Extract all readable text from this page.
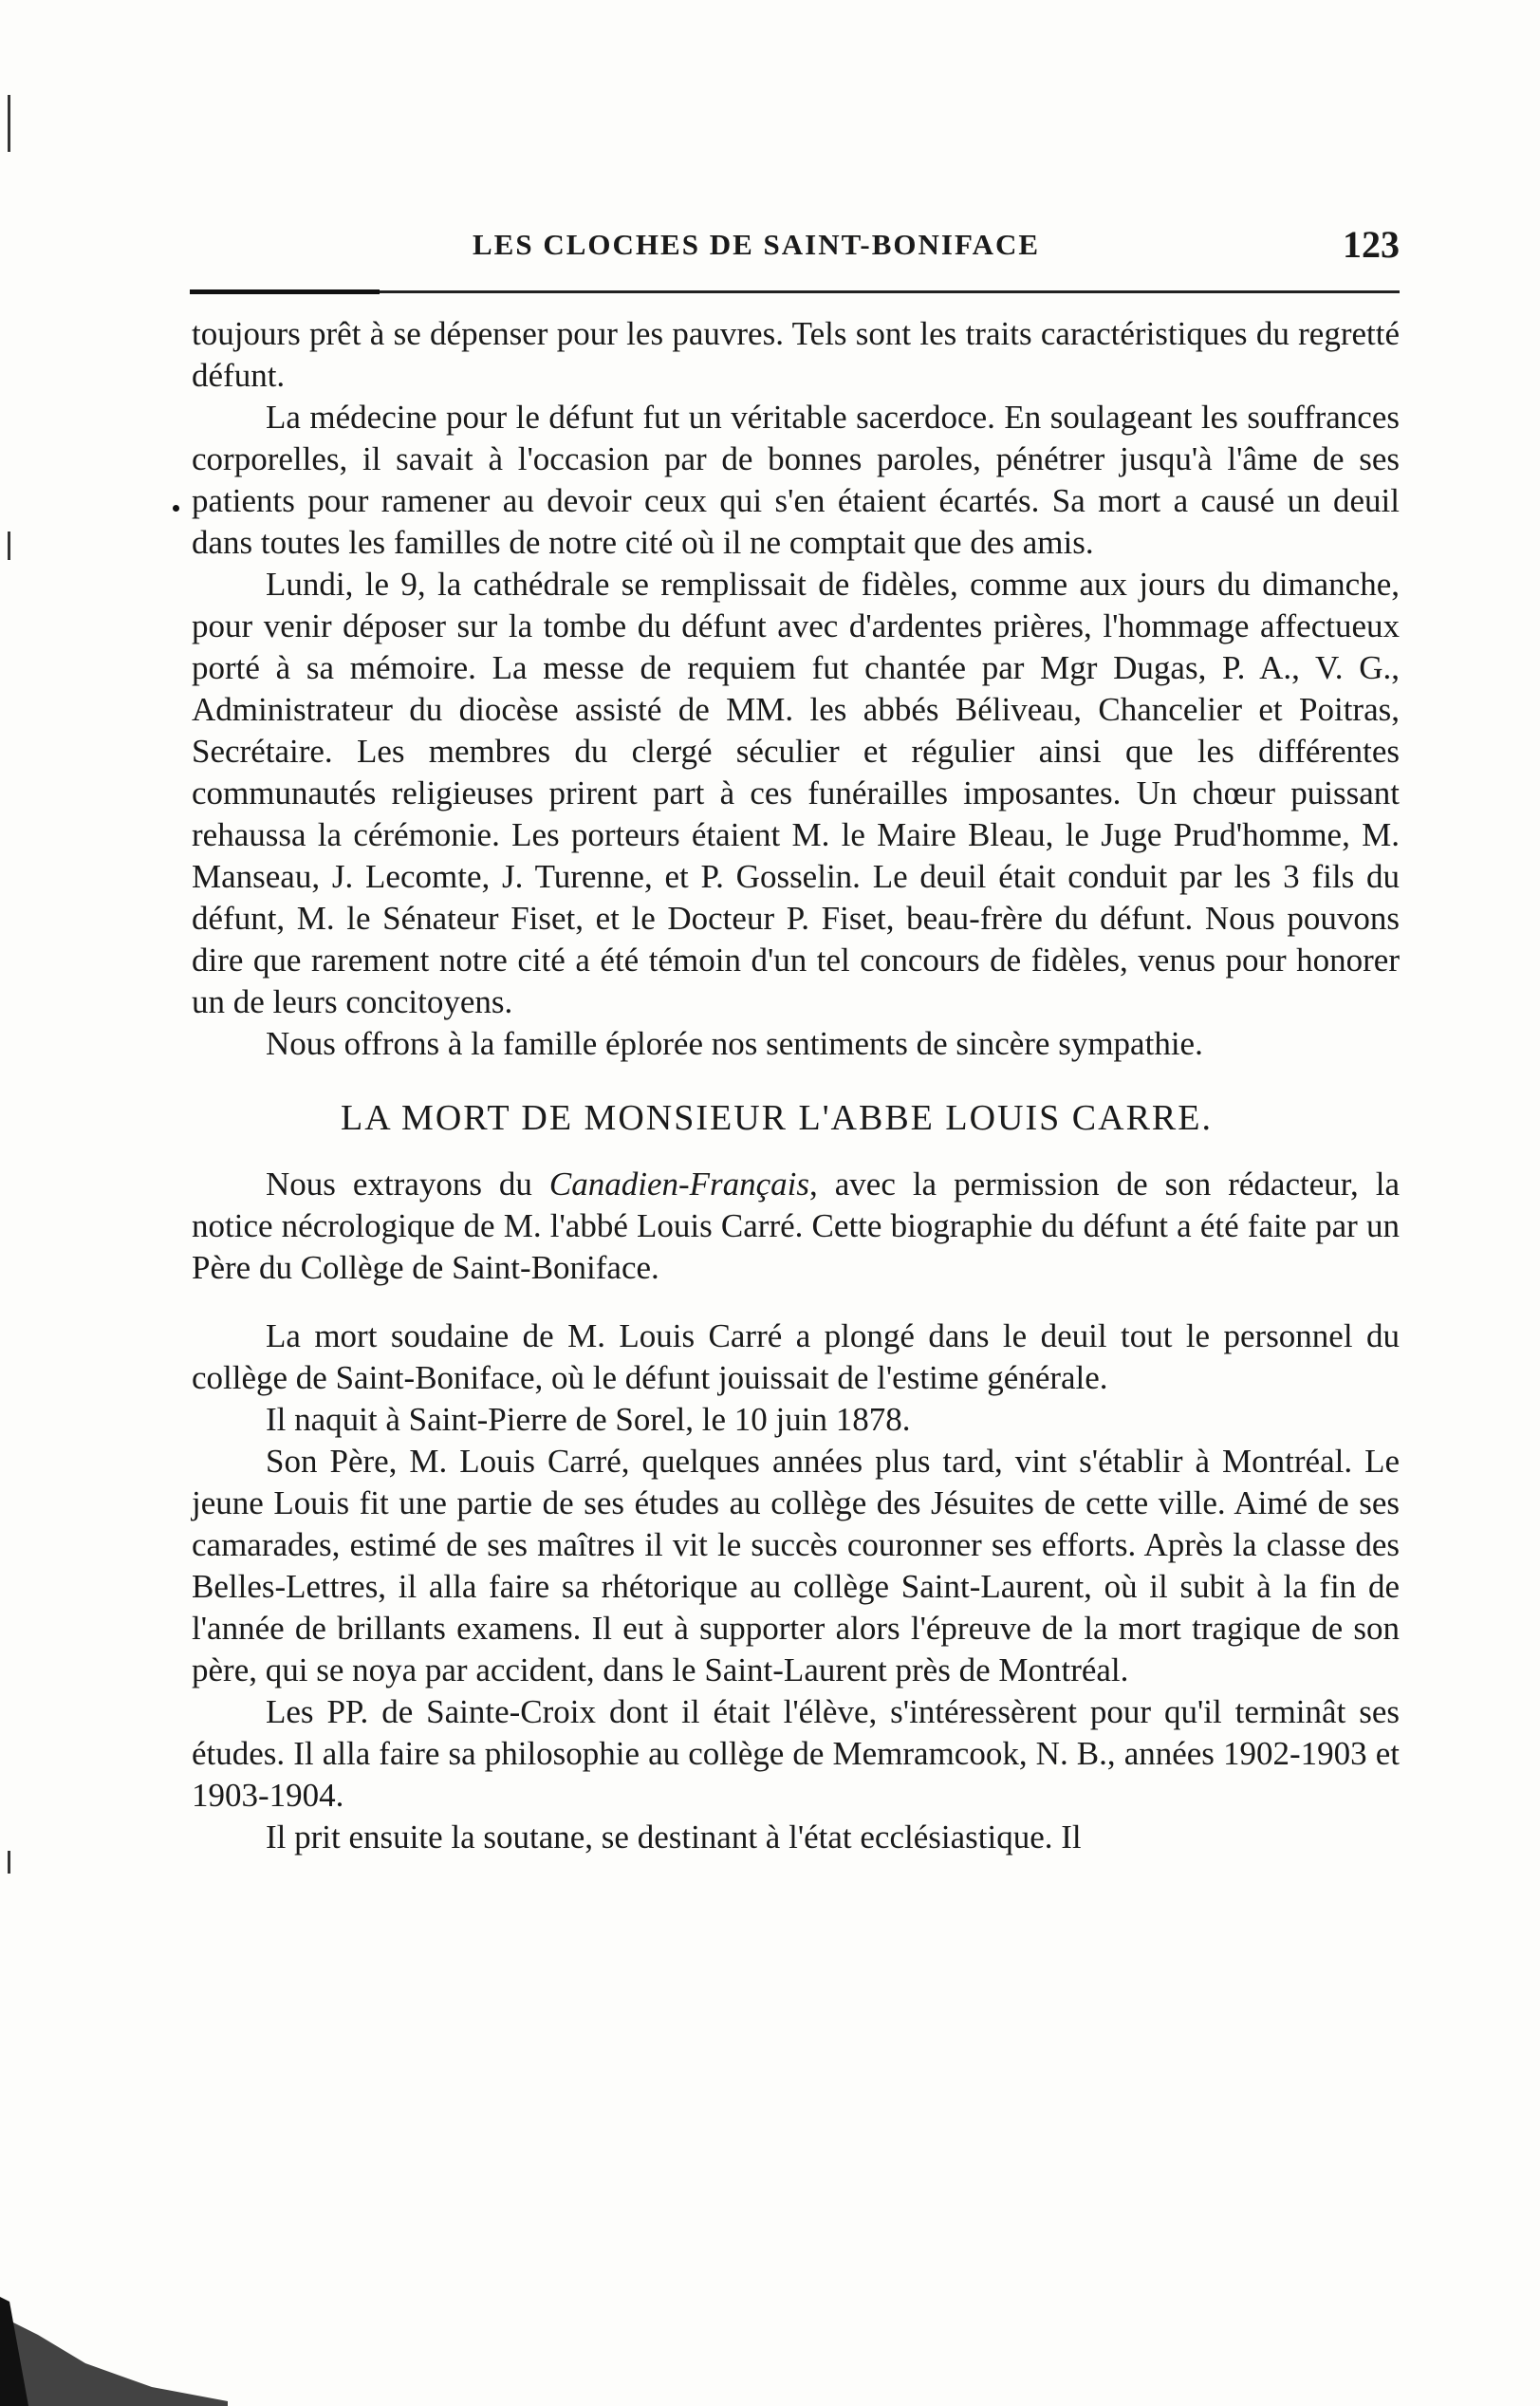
LES CLOCHES DE SAINT-BONIFACE	123

toujours prêt à se dépenser pour les pauvres. Tels sont les traits caractéristiques du regretté défunt.

La médecine pour le défunt fut un véritable sacerdoce. En soulageant les souffrances corporelles, il savait à l'occasion par de bonnes paroles, pénétrer jusqu'à l'âme de ses patients pour ramener au devoir ceux qui s'en étaient écartés. Sa mort a causé un deuil dans toutes les familles de notre cité où il ne comptait que des amis.

Lundi, le 9, la cathédrale se remplissait de fidèles, comme aux jours du dimanche, pour venir déposer sur la tombe du défunt avec d'ardentes prières, l'hommage affectueux porté à sa mémoire. La messe de requiem fut chantée par Mgr Dugas, P. A., V. G., Administrateur du diocèse assisté de MM. les abbés Béliveau, Chancelier et Poitras, Secrétaire. Les membres du clergé séculier et régulier ainsi que les différentes communautés religieuses prirent part à ces funérailles imposantes. Un chœur puissant rehaussa la cérémonie. Les porteurs étaient M. le Maire Bleau, le Juge Prud'homme, M. Manseau, J. Lecomte, J. Turenne, et P. Gosselin. Le deuil était conduit par les 3 fils du défunt, M. le Sénateur Fiset, et le Docteur P. Fiset, beau-frère du défunt. Nous pouvons dire que rarement notre cité a été témoin d'un tel concours de fidèles, venus pour honorer un de leurs concitoyens.

Nous offrons à la famille éplorée nos sentiments de sincère sympathie.

LA MORT DE MONSIEUR L'ABBE LOUIS CARRE.

Nous extrayons du Canadien-Français, avec la permission de son rédacteur, la notice nécrologique de M. l'abbé Louis Carré. Cette biographie du défunt a été faite par un Père du Collège de Saint-Boniface.

La mort soudaine de M. Louis Carré a plongé dans le deuil tout le personnel du collège de Saint-Boniface, où le défunt jouissait de l'estime générale.

Il naquit à Saint-Pierre de Sorel, le 10 juin 1878.

Son Père, M. Louis Carré, quelques années plus tard, vint s'établir à Montréal. Le jeune Louis fit une partie de ses études au collège des Jésuites de cette ville. Aimé de ses camarades, estimé de ses maîtres il vit le succès couronner ses efforts. Après la classe des Belles-Lettres, il alla faire sa rhétorique au collège Saint-Laurent, où il subit à la fin de l'année de brillants examens. Il eut à supporter alors l'épreuve de la mort tragique de son père, qui se noya par accident, dans le Saint-Laurent près de Montréal.

Les PP. de Sainte-Croix dont il était l'élève, s'intéressèrent pour qu'il terminât ses études. Il alla faire sa philosophie au collège de Memramcook, N. B., années 1902-1903 et 1903-1904.

Il prit ensuite la soutane, se destinant à l'état ecclésiastique. Il
